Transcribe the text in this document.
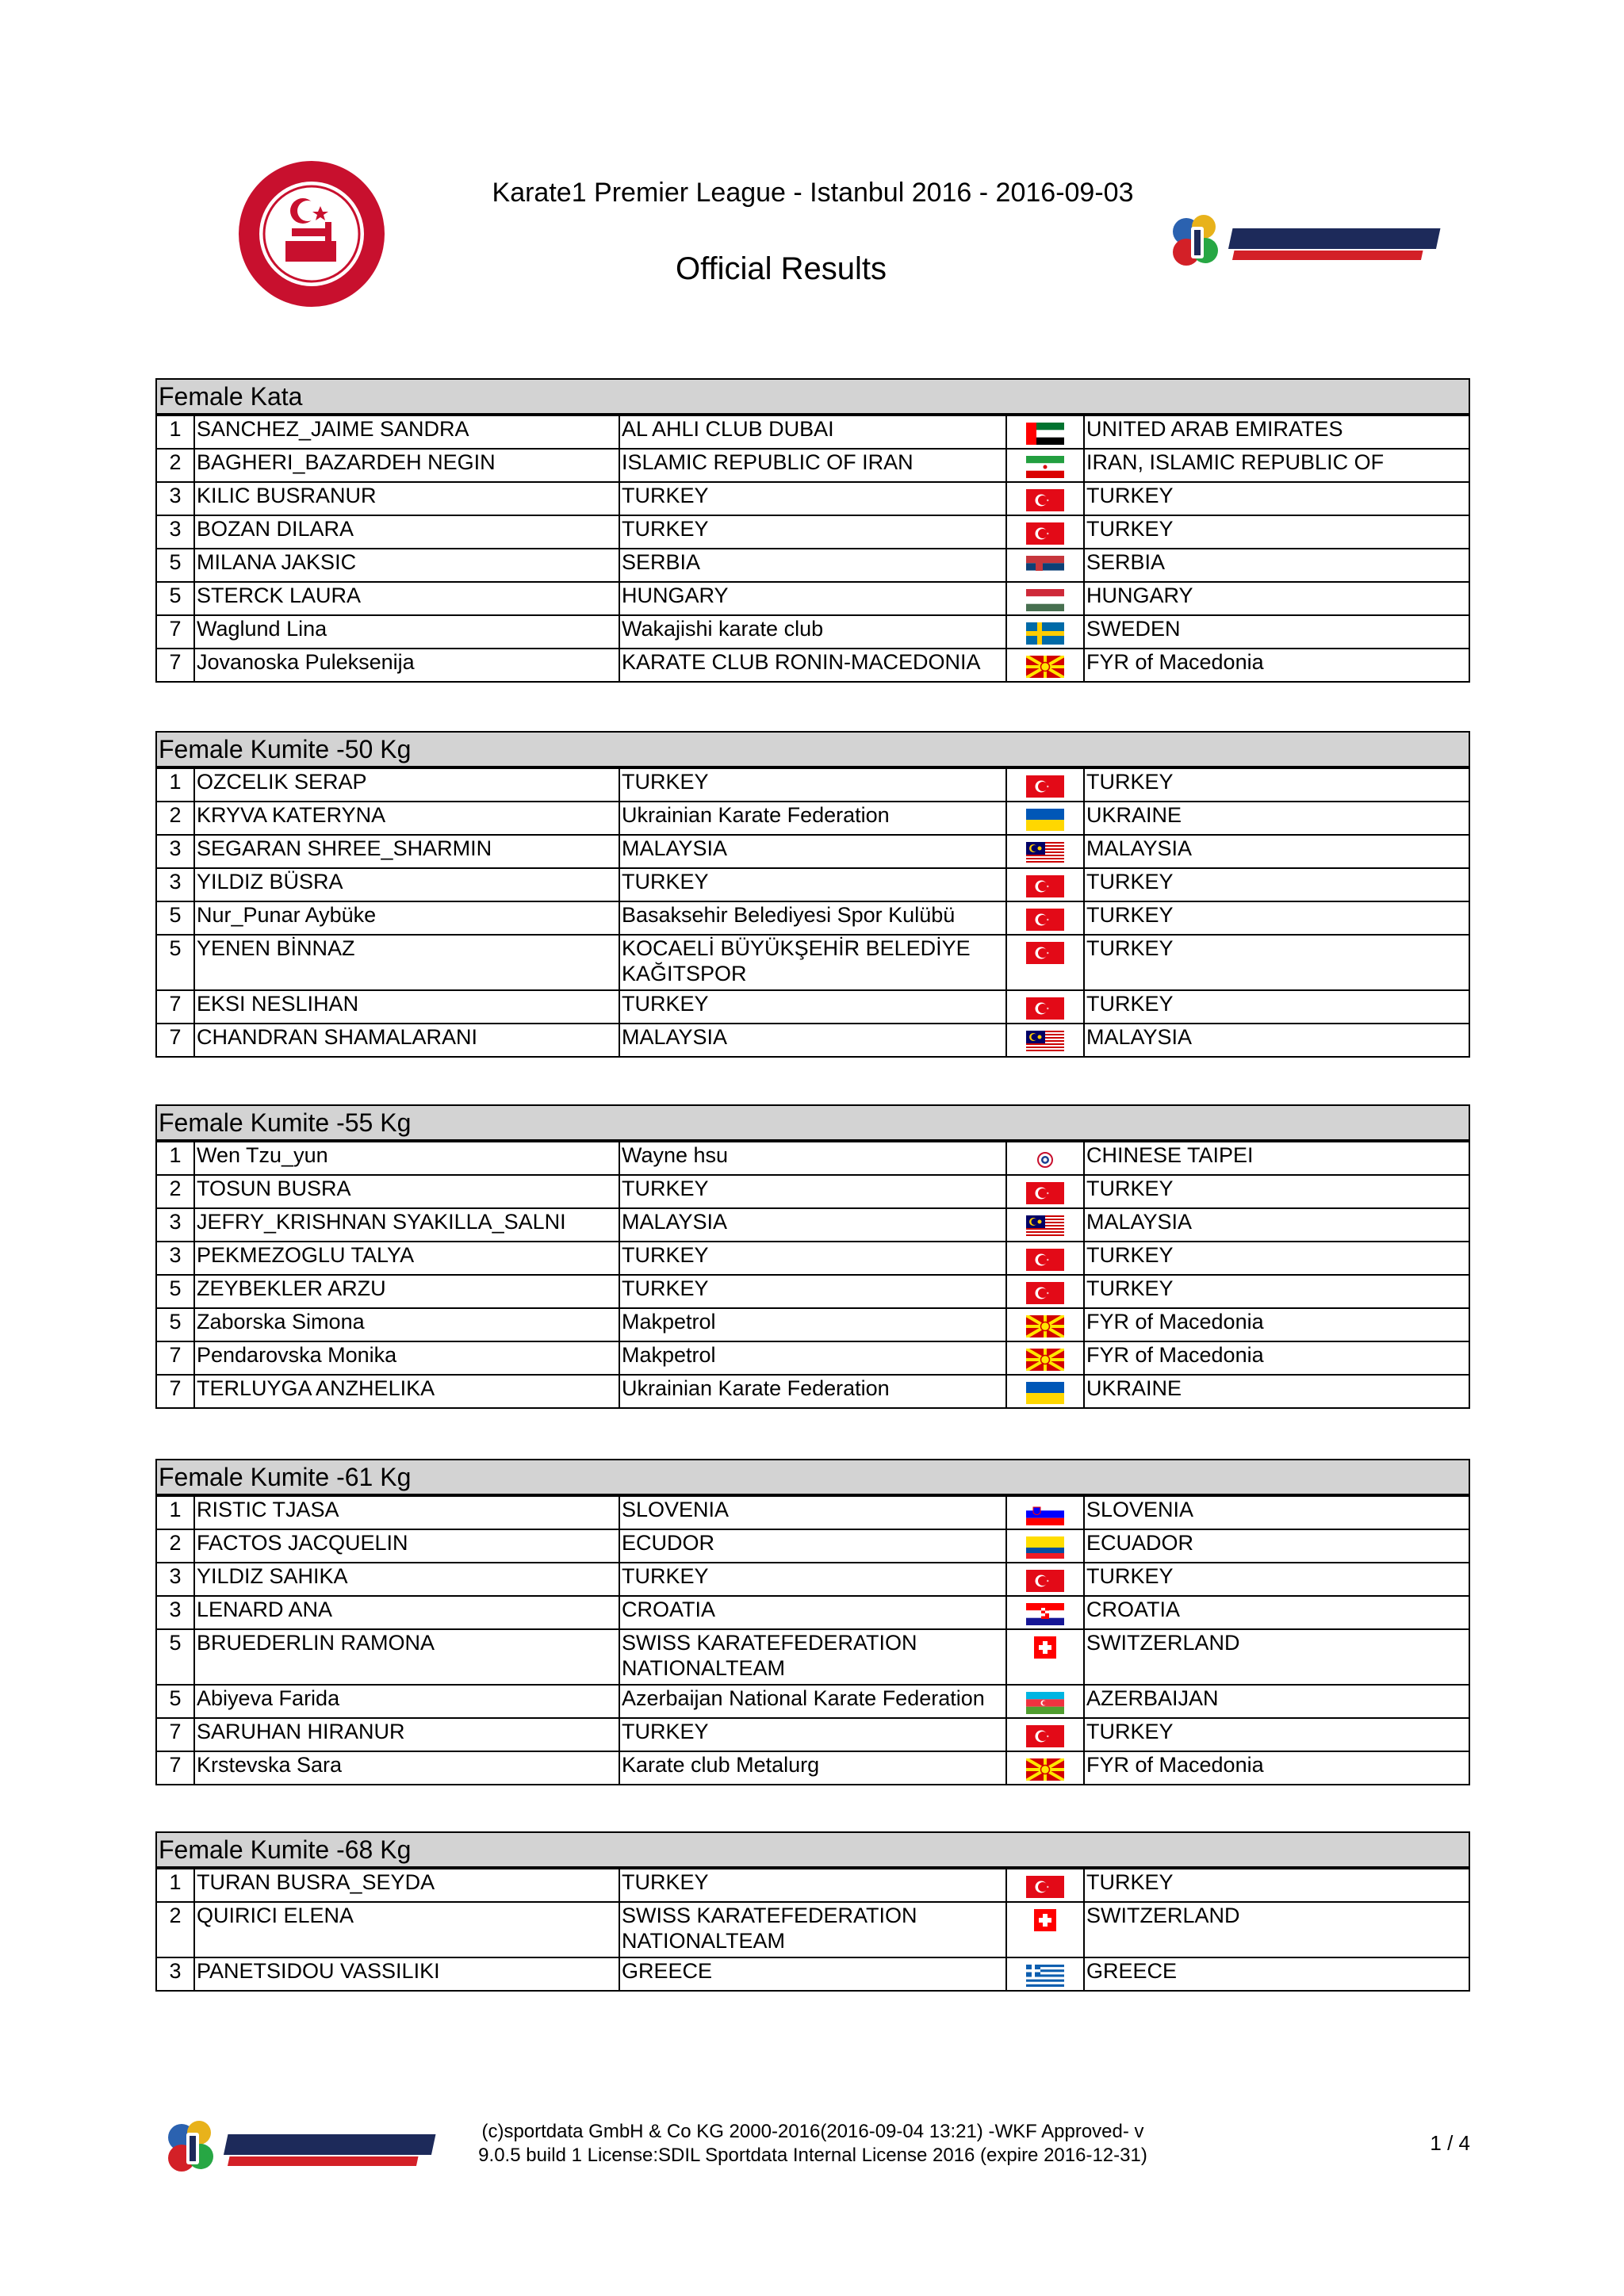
Karate1 Premier League - Istanbul 2016 - 2016-09-03
Official Results
Female Kata
1	SANCHEZ_JAIME SANDRA	AL AHLI CLUB DUBAI		UNITED ARAB EMIRATES
2	BAGHERI_BAZARDEH NEGIN	ISLAMIC REPUBLIC OF IRAN		IRAN, ISLAMIC REPUBLIC OF
3	KILIC BUSRANUR	TURKEY		TURKEY
3	BOZAN DILARA	TURKEY		TURKEY
5	MILANA JAKSIC	SERBIA		SERBIA
5	STERCK LAURA	HUNGARY		HUNGARY
7	Waglund Lina	Wakajishi karate club		SWEDEN
7	Jovanoska Puleksenija	KARATE CLUB RONIN-MACEDONIA		FYR of Macedonia
Female Kumite -50 Kg
1	OZCELIK SERAP	TURKEY		TURKEY
2	KRYVA KATERYNA	Ukrainian Karate Federation		UKRAINE
3	SEGARAN SHREE_SHARMIN	MALAYSIA		MALAYSIA
3	YILDIZ BÜSRA	TURKEY		TURKEY
5	Nur_Punar Aybüke	Basaksehir Belediyesi Spor Kulübü		TURKEY
5	YENEN BİNNAZ	KOCAELİ BÜYÜKŞEHİR BELEDİYE KAĞITSPOR		TURKEY
7	EKSI NESLIHAN	TURKEY		TURKEY
7	CHANDRAN SHAMALARANI	MALAYSIA		MALAYSIA
Female Kumite -55 Kg
1	Wen Tzu_yun	Wayne hsu		CHINESE TAIPEI
2	TOSUN BUSRA	TURKEY		TURKEY
3	JEFRY_KRISHNAN SYAKILLA_SALNI	MALAYSIA		MALAYSIA
3	PEKMEZOGLU TALYA	TURKEY		TURKEY
5	ZEYBEKLER ARZU	TURKEY		TURKEY
5	Zaborska Simona	Makpetrol		FYR of Macedonia
7	Pendarovska Monika	Makpetrol		FYR of Macedonia
7	TERLUYGA ANZHELIKA	Ukrainian Karate Federation		UKRAINE
Female Kumite -61 Kg
1	RISTIC TJASA	SLOVENIA		SLOVENIA
2	FACTOS JACQUELIN	ECUDOR		ECUADOR
3	YILDIZ SAHIKA	TURKEY		TURKEY
3	LENARD ANA	CROATIA		CROATIA
5	BRUEDERLIN RAMONA	SWISS KARATEFEDERATION NATIONALTEAM		SWITZERLAND
5	Abiyeva Farida	Azerbaijan National Karate Federation		AZERBAIJAN
7	SARUHAN HIRANUR	TURKEY		TURKEY
7	Krstevska Sara	Karate club Metalurg		FYR of Macedonia
Female Kumite -68 Kg
1	TURAN BUSRA_SEYDA	TURKEY		TURKEY
2	QUIRICI ELENA	SWISS KARATEFEDERATION NATIONALTEAM		SWITZERLAND
3	PANETSIDOU VASSILIKI	GREECE		GREECE
(c)sportdata GmbH & Co KG 2000-2016(2016-09-04 13:21) -WKF Approved- v
9.0.5 build 1 License:SDIL Sportdata Internal License 2016 (expire 2016-12-31)
1 / 4
